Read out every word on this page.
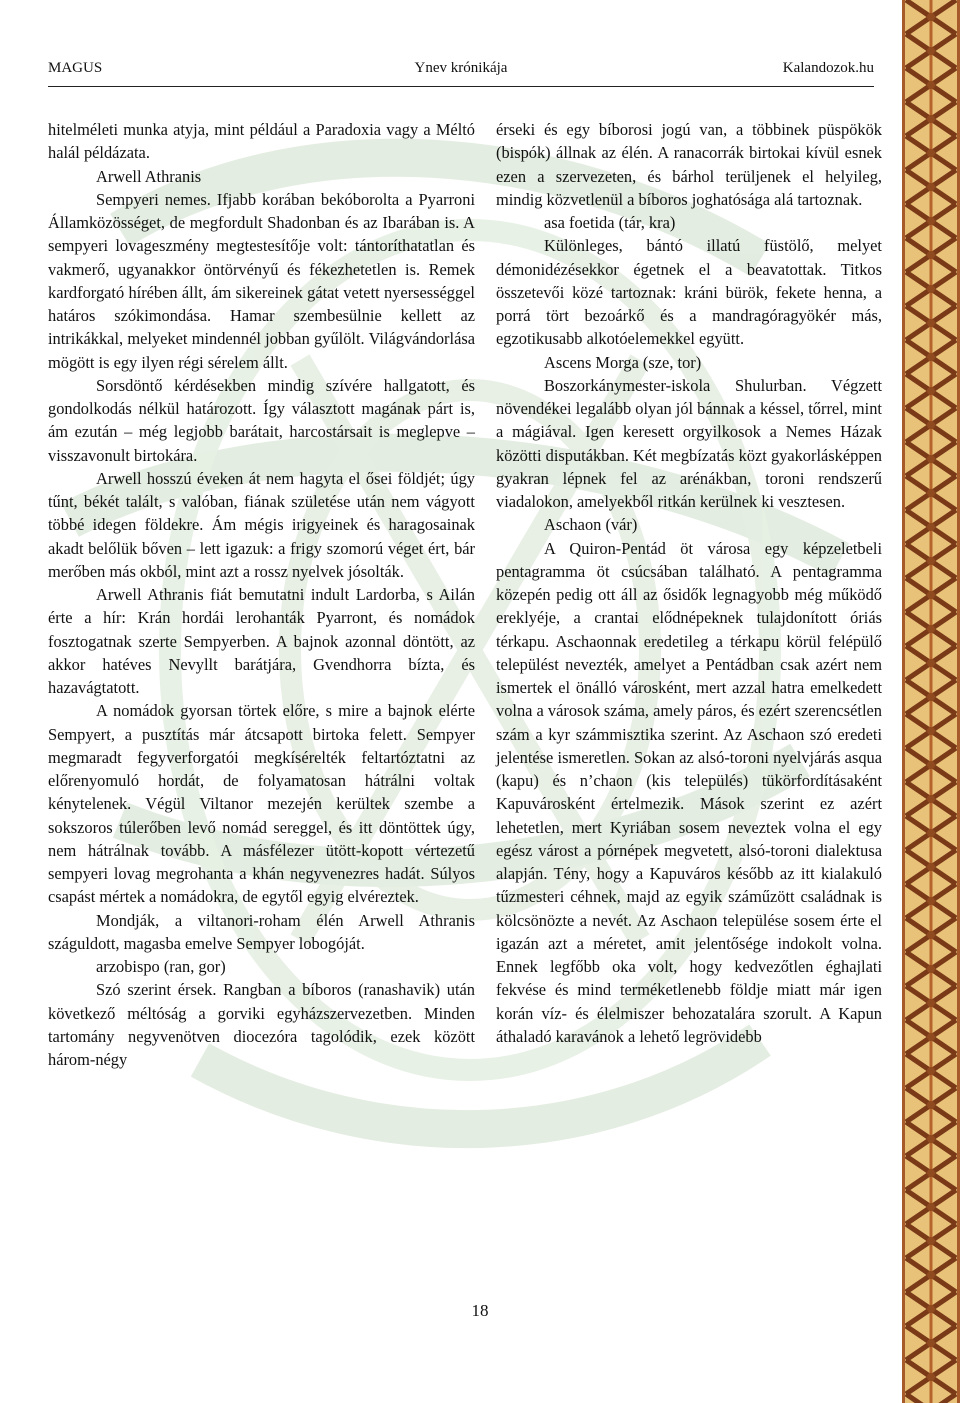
MAGUS	Ynev krónikája	Kalandozok.hu

hitelméleti munka atyja, mint például a Paradoxia vagy a Méltó halál példázata.

Arwell Athranis

Sempyeri nemes. Ifjabb korában bekóborolta a Pyarroni Államközösséget, de megfordult Shadonban és az Ibarában is. A sempyeri lovageszmény megtestesítője volt: tántoríthatatlan és vakmerő, ugyanakkor öntörvényű és fékezhetetlen is. Remek kardforgató hírében állt, ám sikereinek gátat vetett nyersességgel határos szókimondása. Hamar szembesülnie kellett az intrikákkal, melyeket mindennél jobban gyűlölt. Világvándorlása mögött is egy ilyen régi sérelem állt.

Sorsdöntő kérdésekben mindig szívére hallgatott, és gondolkodás nélkül határozott. Így választott magának párt is, ám ezután – még legjobb barátait, harcostársait is meglepve – visszavonult birtokára.

Arwell hosszú éveken át nem hagyta el ősei földjét; úgy tűnt, békét talált, s valóban, fiának születése után nem vágyott többé idegen földekre. Ám mégis irigyeinek és haragosainak akadt belőlük bőven – lett igazuk: a frigy szomorú véget ért, bár merőben más okból, mint azt a rossz nyelvek jósolták.

Arwell Athranis fiát bemutatni indult Lardorba, s Ailán érte a hír: Krán hordái lerohanták Pyarront, és nomádok fosztogatnak szerte Sempyerben. A bajnok azonnal döntött, az akkor hatéves Nevyllt barátjára, Gvendhorra bízta, és hazavágtatott.

A nomádok gyorsan törtek előre, s mire a bajnok elérte Sempyert, a pusztítás már átcsapott birtoka felett. Sempyer megmaradt fegyverforgatói megkísérelték feltartóztatni az előrenyomuló hordát, de folyamatosan hátrálni voltak kénytelenek. Végül Viltanor mezején kerültek szembe a sokszoros túlerőben levő nomád sereggel, és itt döntöttek úgy, nem hátrálnak tovább. A másfélezer ütött-kopott vértezetű sempyeri lovag megrohanta a khán negyvenezres hadát. Súlyos csapást mértek a nomádokra, de egytől egyig elvéreztek.

Mondják, a viltanori-roham élén Arwell Athranis száguldott, magasba emelve Sempyer lobogóját.

arzobispo (ran, gor)

Szó szerint érsek. Rangban a bíboros (ranashavik) után következő méltóság a gorviki egyházszervezetben. Minden tartomány negyvenötven diocezóra tagolódik, ezek között három-négy

érseki és egy bíborosi jogú van, a többinek püspökök (bispók) állnak az élén. A ranacorrák birtokai kívül esnek ezen a szervezeten, és bárhol terüljenek el helyileg, mindig közvetlenül a bíboros joghatósága alá tartoznak.

asa foetida (tár, kra)

Különleges, bántó illatú füstölő, melyet démonidézésekkor égetnek el a beavatottak. Titkos összetevői közé tartoznak: kráni bürök, fekete henna, a porrá tört bezoárkő és a mandragóragyökér más, egzotikusabb alkotóelemekkel együtt.

Ascens Morga (sze, tor)

Boszorkánymester-iskola Shulurban. Végzett növendékei legalább olyan jól bánnak a késsel, tőrrel, mint a mágiával. Igen keresett orgyilkosok a Nemes Házak közötti disputákban. Két megbízatás közt gyakorlásképpen gyakran lépnek fel az arénákban, toroni rendszerű viadalokon, amelyekből ritkán kerülnek ki vesztesen.

Aschaon (vár)

A Quiron-Pentád öt városa egy képzeletbeli pentagramma öt csúcsában található. A pentagramma közepén pedig ott áll az ősidők legnagyobb még működő ereklyéje, a crantai elődnépeknek tulajdonított óriás térkapu. Aschaonnak eredetileg a térkapu körül felépülő települést nevezték, amelyet a Pentádban csak azért nem ismertek el önálló városként, mert azzal hatra emelkedett volna a városok száma, amely páros, és ezért szerencsétlen szám a kyr számmisztika szerint. Az Aschaon szó eredeti jelentése ismeretlen. Sokan az alsó-toroni nyelvjárás asqua (kapu) és n’chaon (kis település) tükörfordításaként Kapuvárosként értelmezik. Mások szerint ez azért lehetetlen, mert Kyriában sosem neveztek volna el egy egész várost a pórnépek megvetett, alsó-toroni dialektusa alapján. Tény, hogy a Kapuváros később az itt kialakuló tűzmesteri céhnek, majd az egyik száműzött családnak is kölcsönözte a nevét. Az Aschaon települése sosem érte el igazán azt a méretet, amit jelentősége indokolt volna. Ennek legfőbb oka volt, hogy kedvezőtlen éghajlati fekvése és mind terméketlenebb földje miatt már igen korán víz- és élelmiszer behozatalára szorult. A Kapun áthaladó karavánok a lehető legrövidebb

18
